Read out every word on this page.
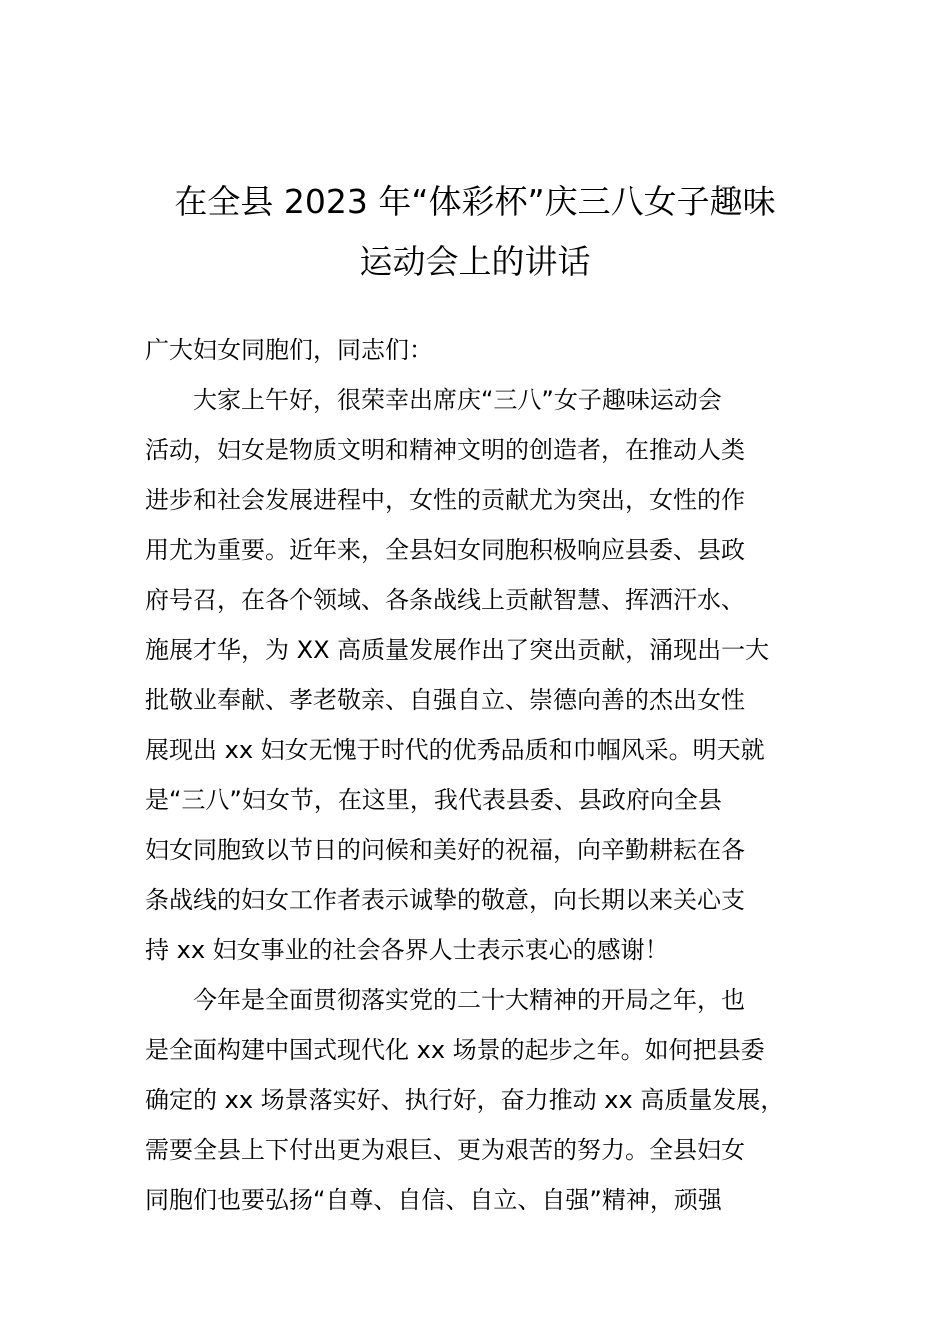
在全县 2023 年“体彩杯”庆三八女子趣味
运动会上的讲话
广大妇女同胞们，同志们：
大家上午好，很荣幸出席庆“三八”女子趣味运动会
活动，妇女是物质文明和精神文明的创造者，在推动人类
进步和社会发展进程中，女性的贡献尤为突出，女性的作
用尤为重要。近年来，全县妇女同胞积极响应县委、县政
府号召，在各个领域、各条战线上贡献智慧、挥洒汗水、
施展才华，为 XX 高质量发展作出了突出贡献，涌现出一大
批敬业奉献、孝老敬亲、自强自立、崇德向善的杰出女性
展现出 xx 妇女无愧于时代的优秀品质和巾帼风采。明天就
是“三八”妇女节，在这里，我代表县委、县政府向全县
妇女同胞致以节日的问候和美好的祝福，向辛勤耕耘在各
条战线的妇女工作者表示诚挚的敬意，向长期以来关心支
持 xx 妇女事业的社会各界人士表示衷心的感谢！
今年是全面贯彻落实党的二十大精神的开局之年，也
是全面构建中国式现代化 xx 场景的起步之年。如何把县委
确定的 xx 场景落实好、执行好，奋力推动 xx 高质量发展，
需要全县上下付出更为艰巨、更为艰苦的努力。全县妇女
同胞们也要弘扬“自尊、自信、自立、自强”精神，顽强
